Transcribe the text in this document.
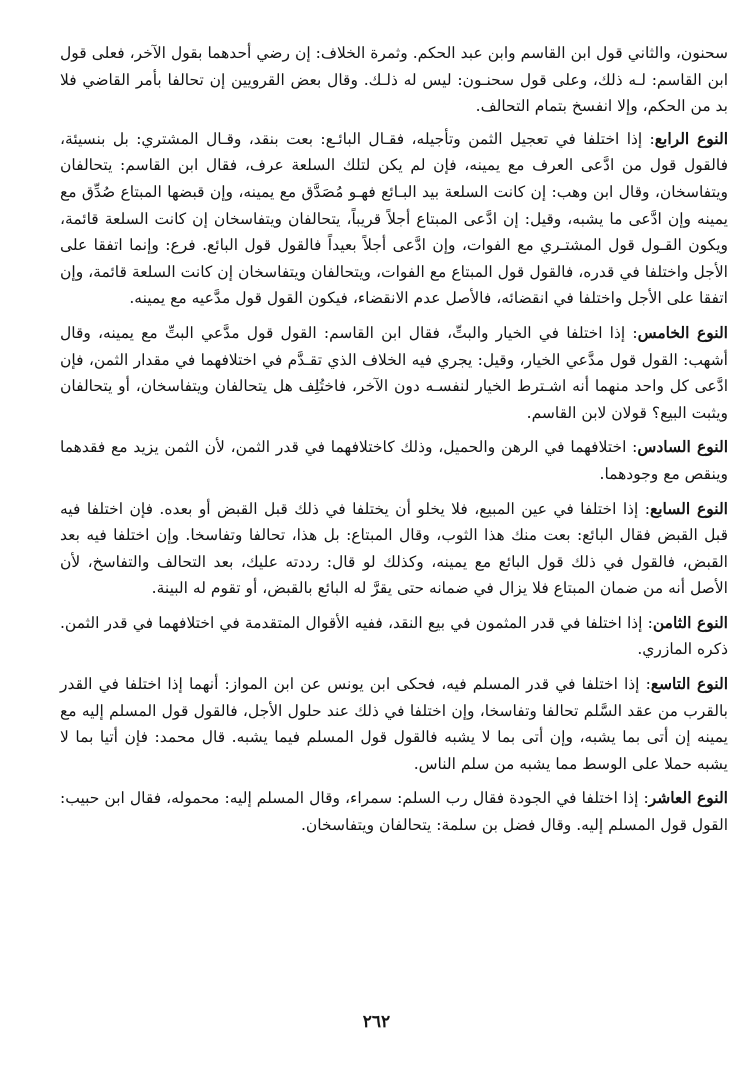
سحنون، والثاني قول ابن القاسم وابن عبد الحكم. وثمرة الخلاف: إن رضي أحدهما بقول الآخر، فعلى قول ابن القاسم: لـه ذلك، وعلى قول سحنـون: ليس له ذلـك. وقال بعض القرويين إن تحالفا بأمر القاضي فلا بد من الحكم، وإلا انفسخ بتمام التحالف.

النوع الرابع: إذا اختلفا في تعجيل الثمن وتأجيله، فقـال البائـع: بعت بنقد، وقـال المشتري: بل بنسيئة، فالقول قول من ادَّعى العرف مع يمينه، فإن لم يكن لتلك السلعة عرف، فقال ابن القاسم: يتحالفان ويتفاسخان، وقال ابن وهب: إن كانت السلعة بيد البـائع فهـو مُصَدَّق مع يمينه، وإن قبضها المبتاع صُدِّق مع يمينه وإن ادَّعى ما يشبه، وقيل: إن ادَّعى المبتاع أجلاً قريباً، يتحالفان ويتفاسخان إن كانت السلعة قائمة، ويكون القـول قول المشتـري مع الفوات، وإن ادَّعى أجلاً بعيداً فالقول قول البائع. فرع: وإنما اتفقا على الأجل واختلفا في قدره، فالقول قول المبتاع مع الفوات، ويتحالفان ويتفاسخان إن كانت السلعة قائمة، وإن اتفقا على الأجل واختلفا في انقضائه، فالأصل عدم الانقضاء، فيكون القول قول مدَّعيه مع يمينه.

النوع الخامس: إذا اختلفا في الخيار والبتِّ، فقال ابن القاسم: القول قول مدَّعي البتِّ مع يمينه، وقال أشهب: القول قول مدَّعي الخيار، وقيل: يجري فيه الخلاف الذي تقـدَّم في اختلافهما في مقدار الثمن، فإن ادَّعى كل واحد منهما أنه اشـترط الخيار لنفسـه دون الآخر، فاختُلِف هل يتحالفان ويتفاسخان، أو يتحالفان ويثبت البيع؟ قولان لابن القاسم.

النوع السادس: اختلافهما في الرهن والحميل، وذلك كاختلافهما في قدر الثمن، لأن الثمن يزيد مع فقدهما وينقص مع وجودهما.

النوع السابع: إذا اختلفا في عين المبيع، فلا يخلو أن يختلفا في ذلك قبل القبض أو بعده. فإن اختلفا فيه قبل القبض فقال البائع: بعت منك هذا الثوب، وقال المبتاع: بل هذا، تحالفا وتفاسخا. وإن اختلفا فيه بعد القبض، فالقول في ذلك قول البائع مع يمينه، وكذلك لو قال: رددته عليك، بعد التحالف والتفاسخ، لأن الأصل أنه من ضمان المبتاع فلا يزال في ضمانه حتى يقرَّ له البائع بالقبض، أو تقوم له البينة.

النوع الثامن: إذا اختلفا في قدر المثمون في بيع النقد، ففيه الأقوال المتقدمة في اختلافهما في قدر الثمن. ذكره المازري.

النوع التاسع: إذا اختلفا في قدر المسلم فيه، فحكى ابن يونس عن ابن المواز: أنهما إذا اختلفا في القدر بالقرب من عقد السَّلم تحالفا وتفاسخا، وإن اختلفا في ذلك عند حلول الأجل، فالقول قول المسلم إليه مع يمينه إن أتى بما يشبه، وإن أتى بما لا يشبه فالقول قول المسلم فيما يشبه. قال محمد: فإن أتيا بما لا يشبه حملا على الوسط مما يشبه من سلم الناس.

النوع العاشر: إذا اختلفا في الجودة فقال رب السلم: سمراء، وقال المسلم إليه: محموله، فقال ابن حبيب: القول قول المسلم إليه. وقال فضل بن سلمة: يتحالفان ويتفاسخان.

٢٦٢
